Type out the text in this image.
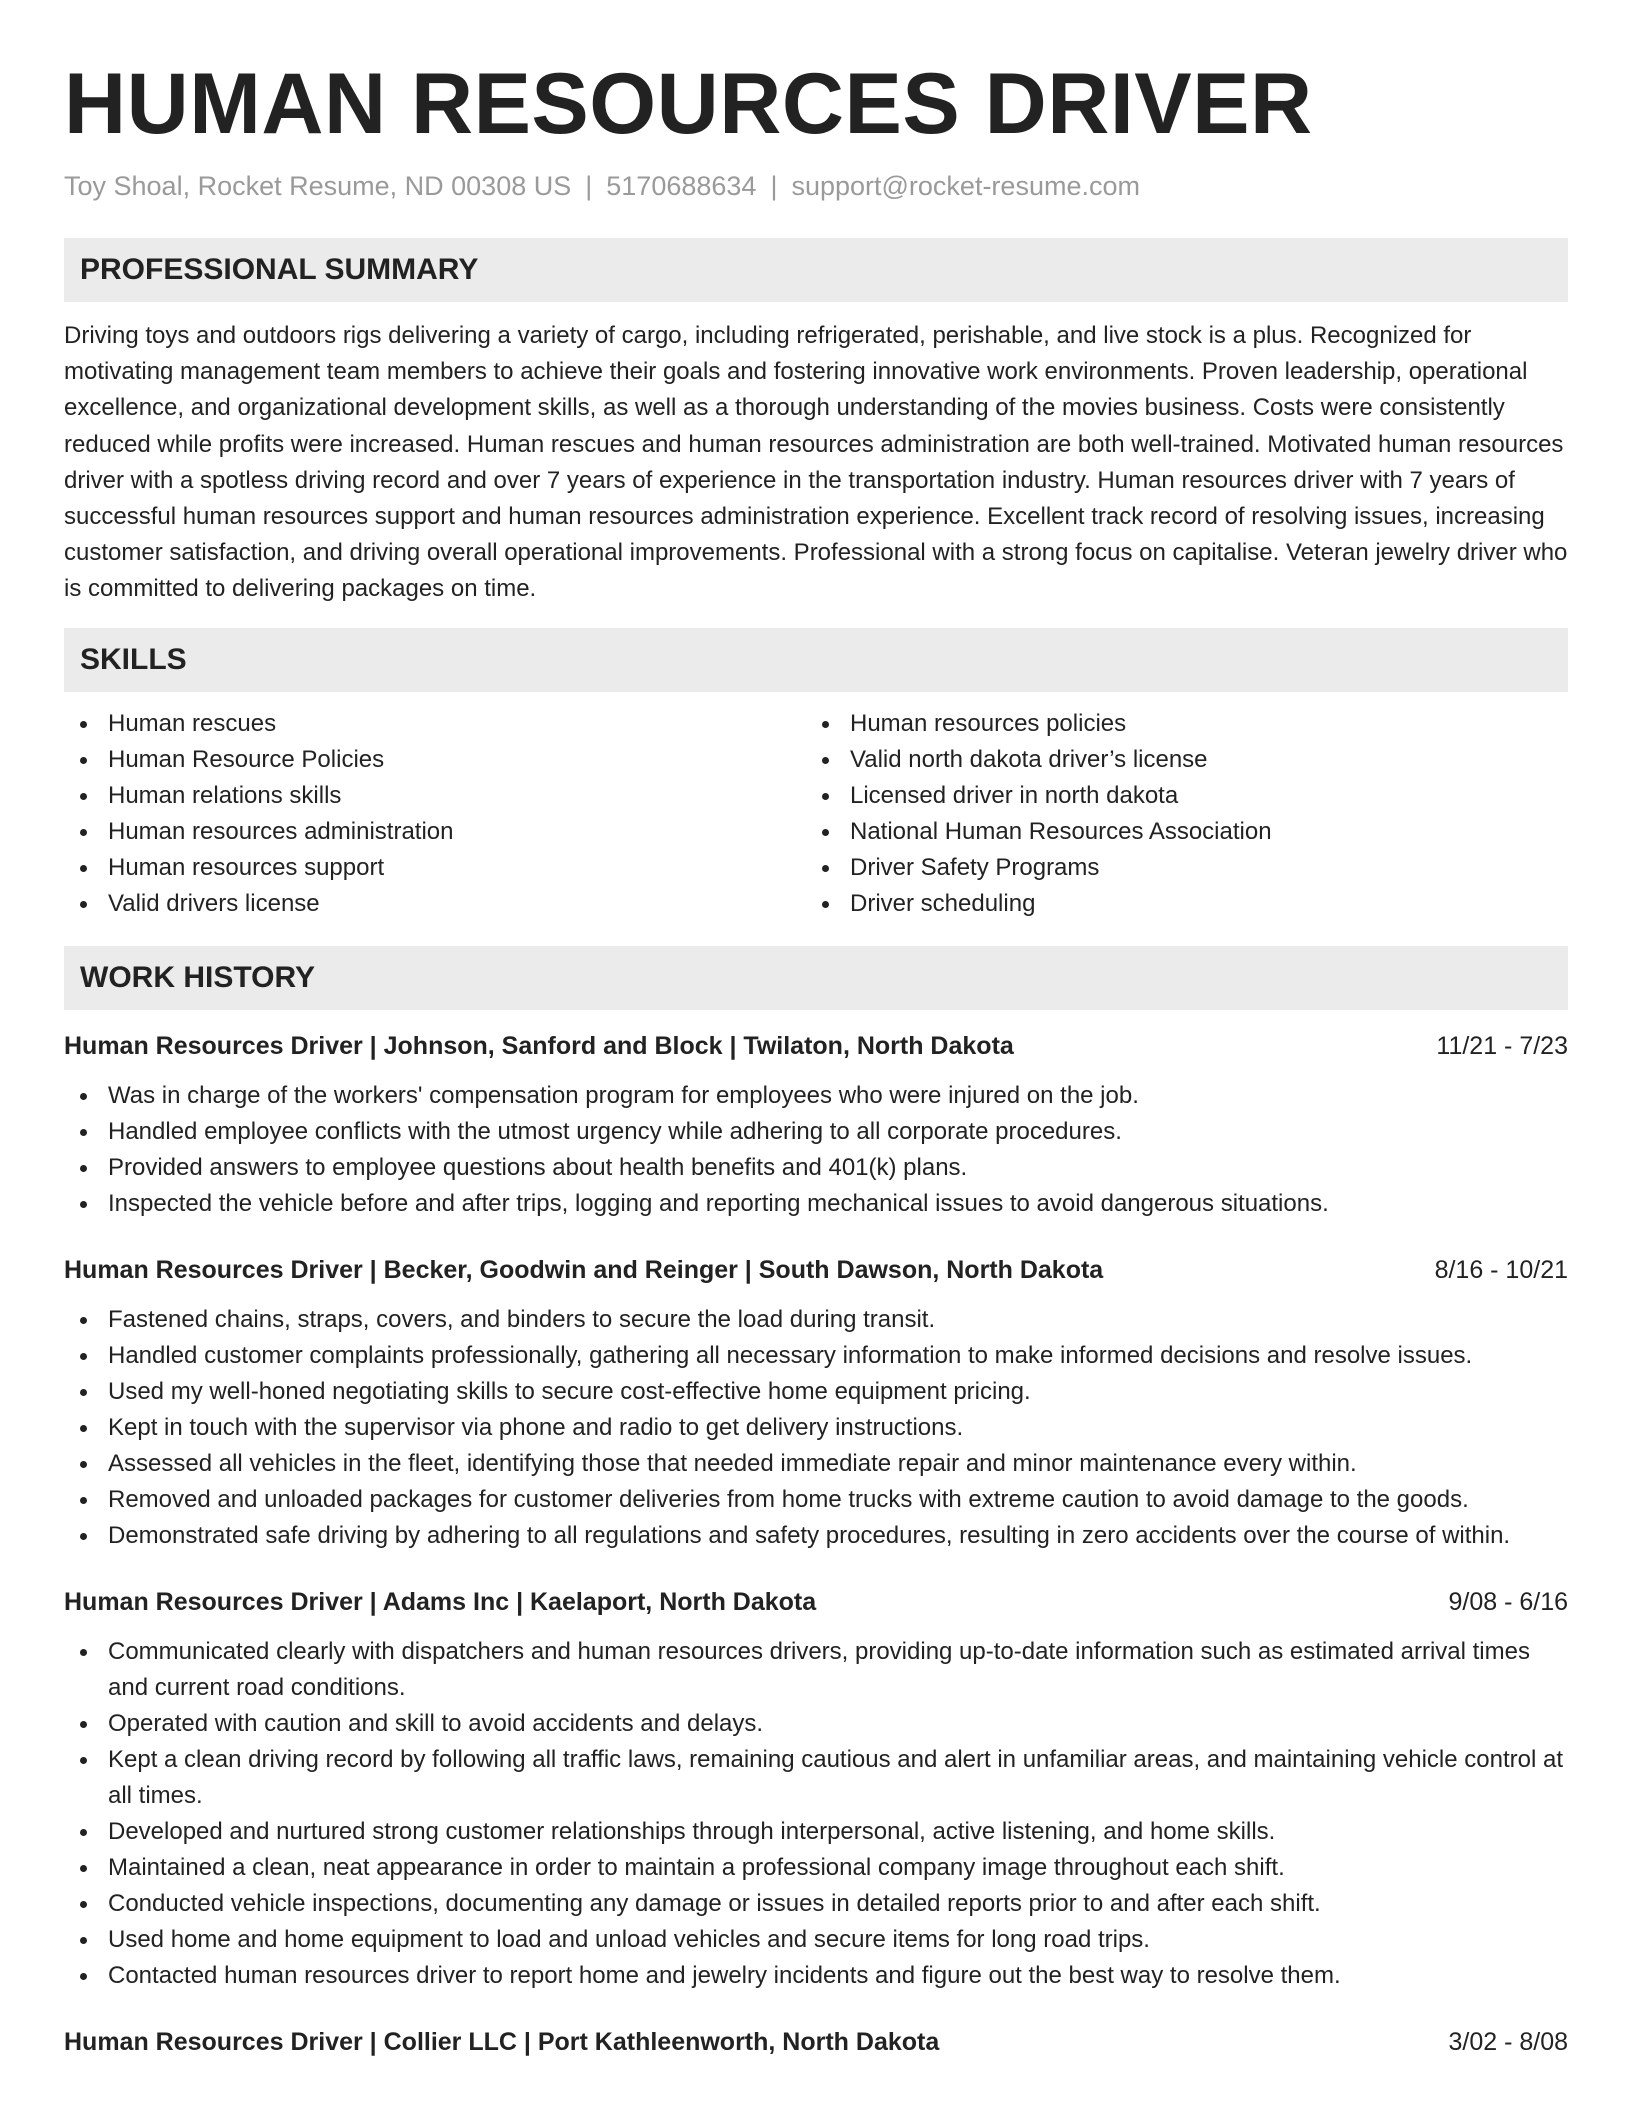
HUMAN RESOURCES DRIVER
Toy Shoal, Rocket Resume, ND 00308 US | 5170688634 | support@rocket-resume.com
PROFESSIONAL SUMMARY

Driving toys and outdoors rigs delivering a variety of cargo, including refrigerated, perishable, and live stock is a plus. Recognized for motivating management team members to achieve their goals and fostering innovative work environments. Proven leadership, operational excellence, and organizational development skills, as well as a thorough understanding of the movies business. Costs were consistently reduced while profits were increased. Human rescues and human resources administration are both well-trained. Motivated human resources driver with a spotless driving record and over 7 years of experience in the transportation industry. Human resources driver with 7 years of successful human resources support and human resources administration experience. Excellent track record of resolving issues, increasing customer satisfaction, and driving overall operational improvements. Professional with a strong focus on capitalise. Veteran jewelry driver who is committed to delivering packages on time.

SKILLS
Human rescues
Human Resource Policies
Human relations skills
Human resources administration
Human resources support
Valid drivers license
Human resources policies
Valid north dakota driver’s license
Licensed driver in north dakota
National Human Resources Association
Driver Safety Programs
Driver scheduling
WORK HISTORY
Human Resources Driver | Johnson, Sanford and Block | Twilaton, North Dakota	11/21 - 7/23
Was in charge of the workers' compensation program for employees who were injured on the job.
Handled employee conflicts with the utmost urgency while adhering to all corporate procedures.
Provided answers to employee questions about health benefits and 401(k) plans.
Inspected the vehicle before and after trips, logging and reporting mechanical issues to avoid dangerous situations.
Human Resources Driver | Becker, Goodwin and Reinger | South Dawson, North Dakota	8/16 - 10/21
Fastened chains, straps, covers, and binders to secure the load during transit.
Handled customer complaints professionally, gathering all necessary information to make informed decisions and resolve issues.
Used my well-honed negotiating skills to secure cost-effective home equipment pricing.
Kept in touch with the supervisor via phone and radio to get delivery instructions.
Assessed all vehicles in the fleet, identifying those that needed immediate repair and minor maintenance every within.
Removed and unloaded packages for customer deliveries from home trucks with extreme caution to avoid damage to the goods.
Demonstrated safe driving by adhering to all regulations and safety procedures, resulting in zero accidents over the course of within.
Human Resources Driver | Adams Inc | Kaelaport, North Dakota	9/08 - 6/16
Communicated clearly with dispatchers and human resources drivers, providing up-to-date information such as estimated arrival times and current road conditions.
Operated with caution and skill to avoid accidents and delays.
Kept a clean driving record by following all traffic laws, remaining cautious and alert in unfamiliar areas, and maintaining vehicle control at all times.
Developed and nurtured strong customer relationships through interpersonal, active listening, and home skills.
Maintained a clean, neat appearance in order to maintain a professional company image throughout each shift.
Conducted vehicle inspections, documenting any damage or issues in detailed reports prior to and after each shift.
Used home and home equipment to load and unload vehicles and secure items for long road trips.
Contacted human resources driver to report home and jewelry incidents and figure out the best way to resolve them.
Human Resources Driver | Collier LLC | Port Kathleenworth, North Dakota	3/02 - 8/08
